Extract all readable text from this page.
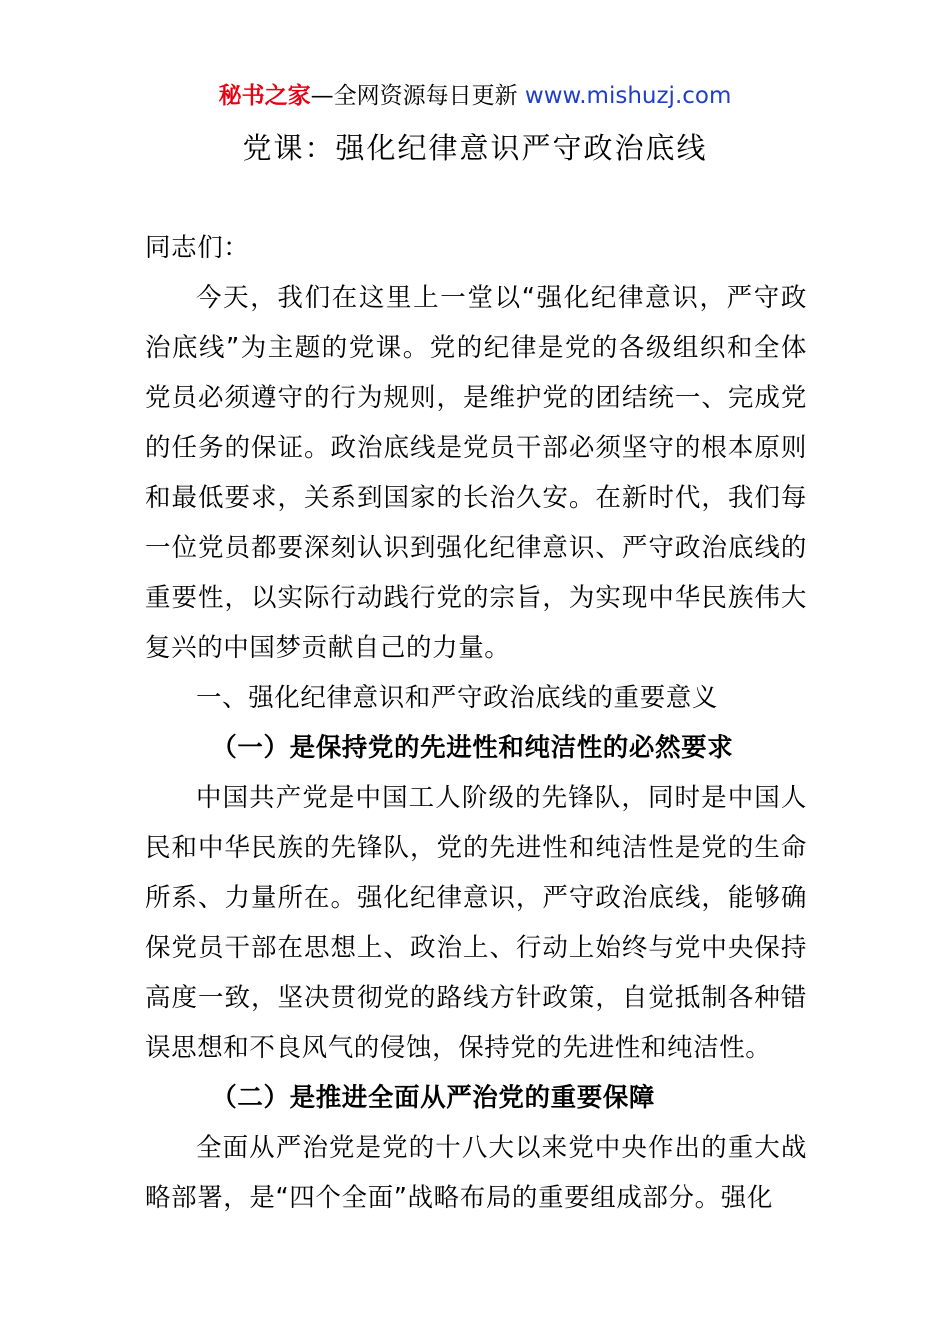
秘书之家—全网资源每日更新 www.mishuzj.com
党课：强化纪律意识严守政治底线

同志们：

今天，我们在这里上一堂以“强化纪律意识，严守政治底线”为主题的党课。党的纪律是党的各级组织和全体党员必须遵守的行为规则，是维护党的团结统一、完成党的任务的保证。政治底线是党员干部必须坚守的根本原则和最低要求，关系到国家的长治久安。在新时代，我们每一位党员都要深刻认识到强化纪律意识、严守政治底线的重要性，以实际行动践行党的宗旨，为实现中华民族伟大复兴的中国梦贡献自己的力量。

一、强化纪律意识和严守政治底线的重要意义

（一）是保持党的先进性和纯洁性的必然要求

中国共产党是中国工人阶级的先锋队，同时是中国人民和中华民族的先锋队，党的先进性和纯洁性是党的生命所系、力量所在。强化纪律意识，严守政治底线，能够确保党员干部在思想上、政治上、行动上始终与党中央保持高度一致，坚决贯彻党的路线方针政策，自觉抵制各种错误思想和不良风气的侵蚀，保持党的先进性和纯洁性。

（二）是推进全面从严治党的重要保障

全面从严治党是党的十八大以来党中央作出的重大战略部署，是“四个全面”战略布局的重要组成部分。强化
